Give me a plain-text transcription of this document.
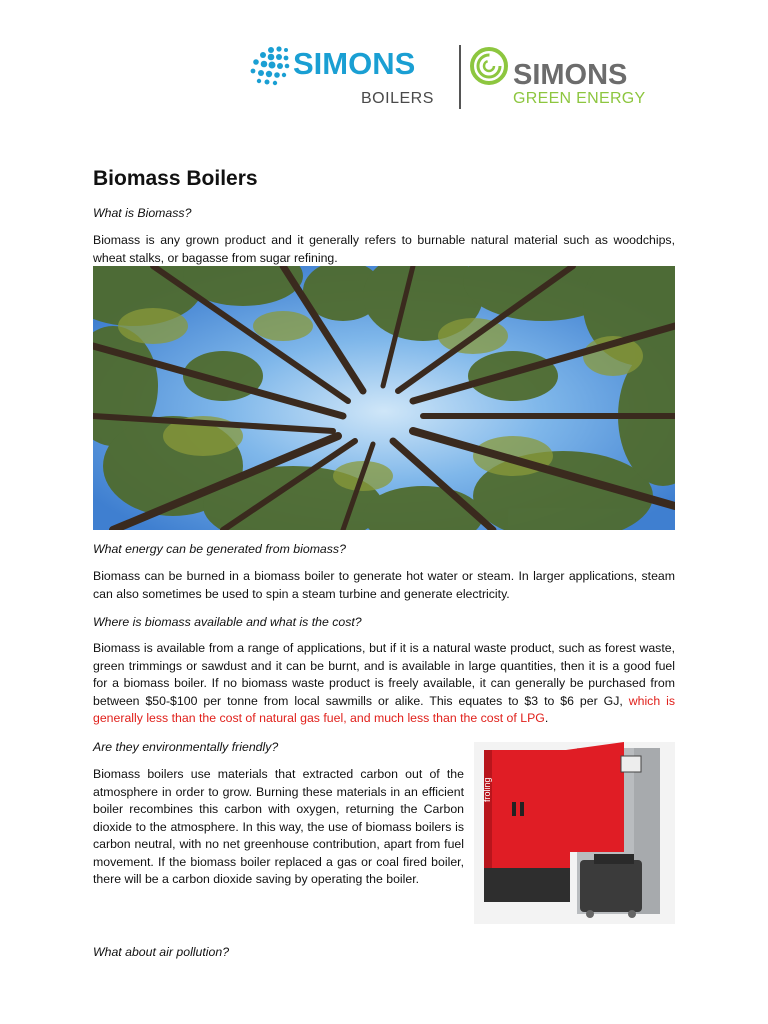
SIMONS
BOILERS
SIMONS
GREEN ENERGY
Biomass Boilers
What is Biomass?
Biomass is any grown product and it generally refers to burnable natural material such as woodchips, wheat stalks, or bagasse from sugar refining.
What energy can be generated from biomass?
Biomass can be burned in a biomass boiler to generate hot water or steam. In larger applications, steam can also sometimes be used to spin a steam turbine and generate electricity.
Where is biomass available and what is the cost?
Biomass is available from a range of applications, but if it is a natural waste product, such as forest waste, green trimmings or sawdust and it can be burnt, and is available in large quantities, then it is a good fuel for a biomass boiler. If no biomass waste product is freely available, it can generally be purchased from between $50-$100 per tonne from local sawmills or alike. This equates to $3 to $6 per GJ, which is generally less than the cost of natural gas fuel, and much less than the cost of LPG.
Are they environmentally friendly?
Biomass boilers use materials that extracted carbon out of the atmosphere in order to grow. Burning these materials in an efficient boiler recombines this carbon with oxygen, returning the Carbon dioxide to the atmosphere. In this way, the use of biomass boilers is carbon neutral, with no net greenhouse contribution, apart from fuel movement. If the biomass boiler replaced a gas or coal fired boiler, there will be a carbon dioxide saving by operating the boiler.
froling
What about air pollution?
